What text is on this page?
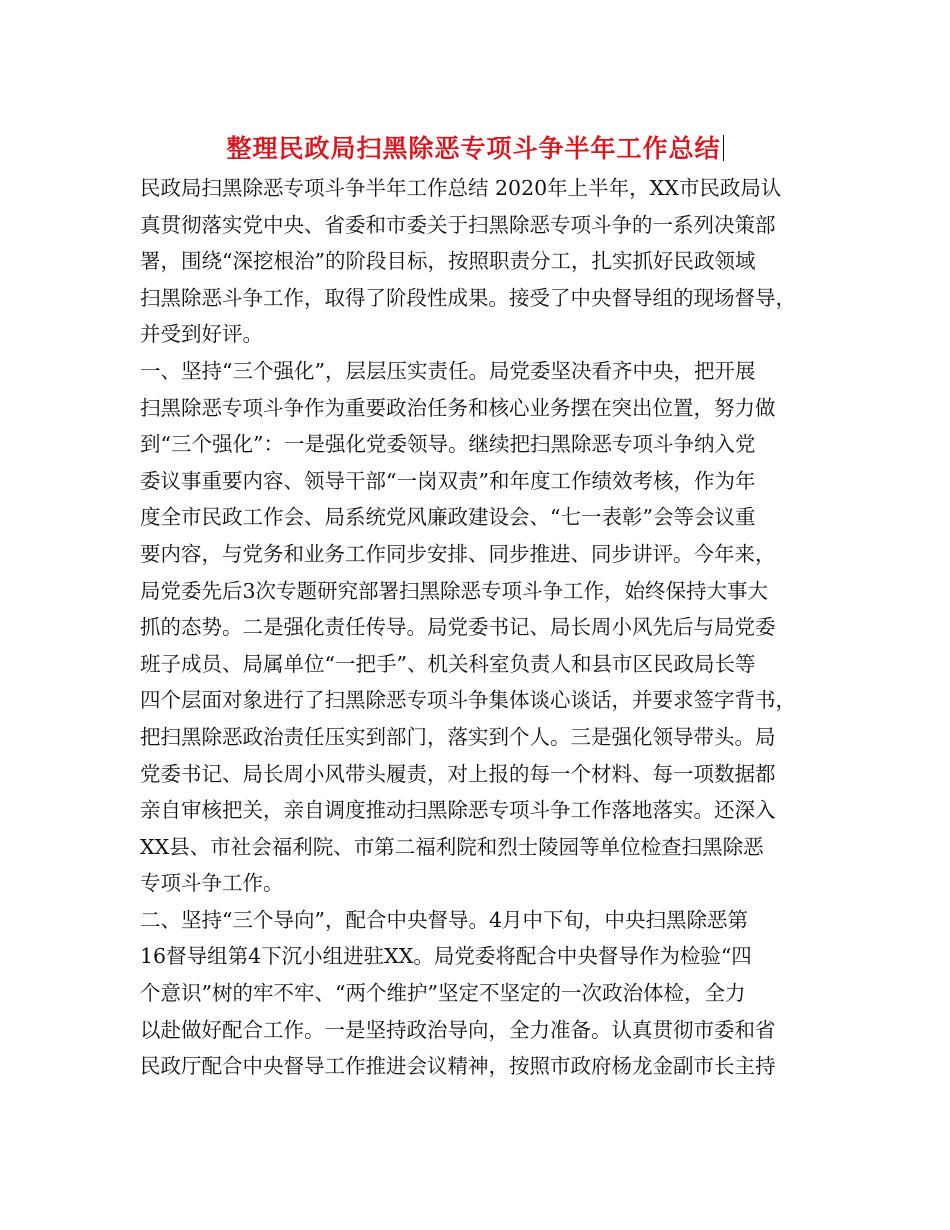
整理民政局扫黑除恶专项斗争半年工作总结
民政局扫黑除恶专项斗争半年工作总结 2020年上半年，XX市民政局认
真贯彻落实党中央、省委和市委关于扫黑除恶专项斗争的一系列决策部
署，围绕“深挖根治”的阶段目标，按照职责分工，扎实抓好民政领域
扫黑除恶斗争工作，取得了阶段性成果。接受了中央督导组的现场督导，
并受到好评。
一、坚持“三个强化”，层层压实责任。局党委坚决看齐中央，把开展
扫黑除恶专项斗争作为重要政治任务和核心业务摆在突出位置，努力做
到“三个强化”：一是强化党委领导。继续把扫黑除恶专项斗争纳入党
委议事重要内容、领导干部“一岗双责”和年度工作绩效考核，作为年
度全市民政工作会、局系统党风廉政建设会、“七一表彰”会等会议重
要内容，与党务和业务工作同步安排、同步推进、同步讲评。今年来，
局党委先后3次专题研究部署扫黑除恶专项斗争工作，始终保持大事大
抓的态势。二是强化责任传导。局党委书记、局长周小风先后与局党委
班子成员、局属单位“一把手”、机关科室负责人和县市区民政局长等
四个层面对象进行了扫黑除恶专项斗争集体谈心谈话，并要求签字背书，
把扫黑除恶政治责任压实到部门，落实到个人。三是强化领导带头。局
党委书记、局长周小风带头履责，对上报的每一个材料、每一项数据都
亲自审核把关，亲自调度推动扫黑除恶专项斗争工作落地落实。还深入
XX县、市社会福利院、市第二福利院和烈士陵园等单位检查扫黑除恶
专项斗争工作。
二、坚持“三个导向”，配合中央督导。4月中下旬，中央扫黑除恶第
16督导组第4下沉小组进驻XX。局党委将配合中央督导作为检验“四
个意识”树的牢不牢、“两个维护”坚定不坚定的一次政治体检，全力
以赴做好配合工作。一是坚持政治导向，全力准备。认真贯彻市委和省
民政厅配合中央督导工作推进会议精神，按照市政府杨龙金副市长主持
